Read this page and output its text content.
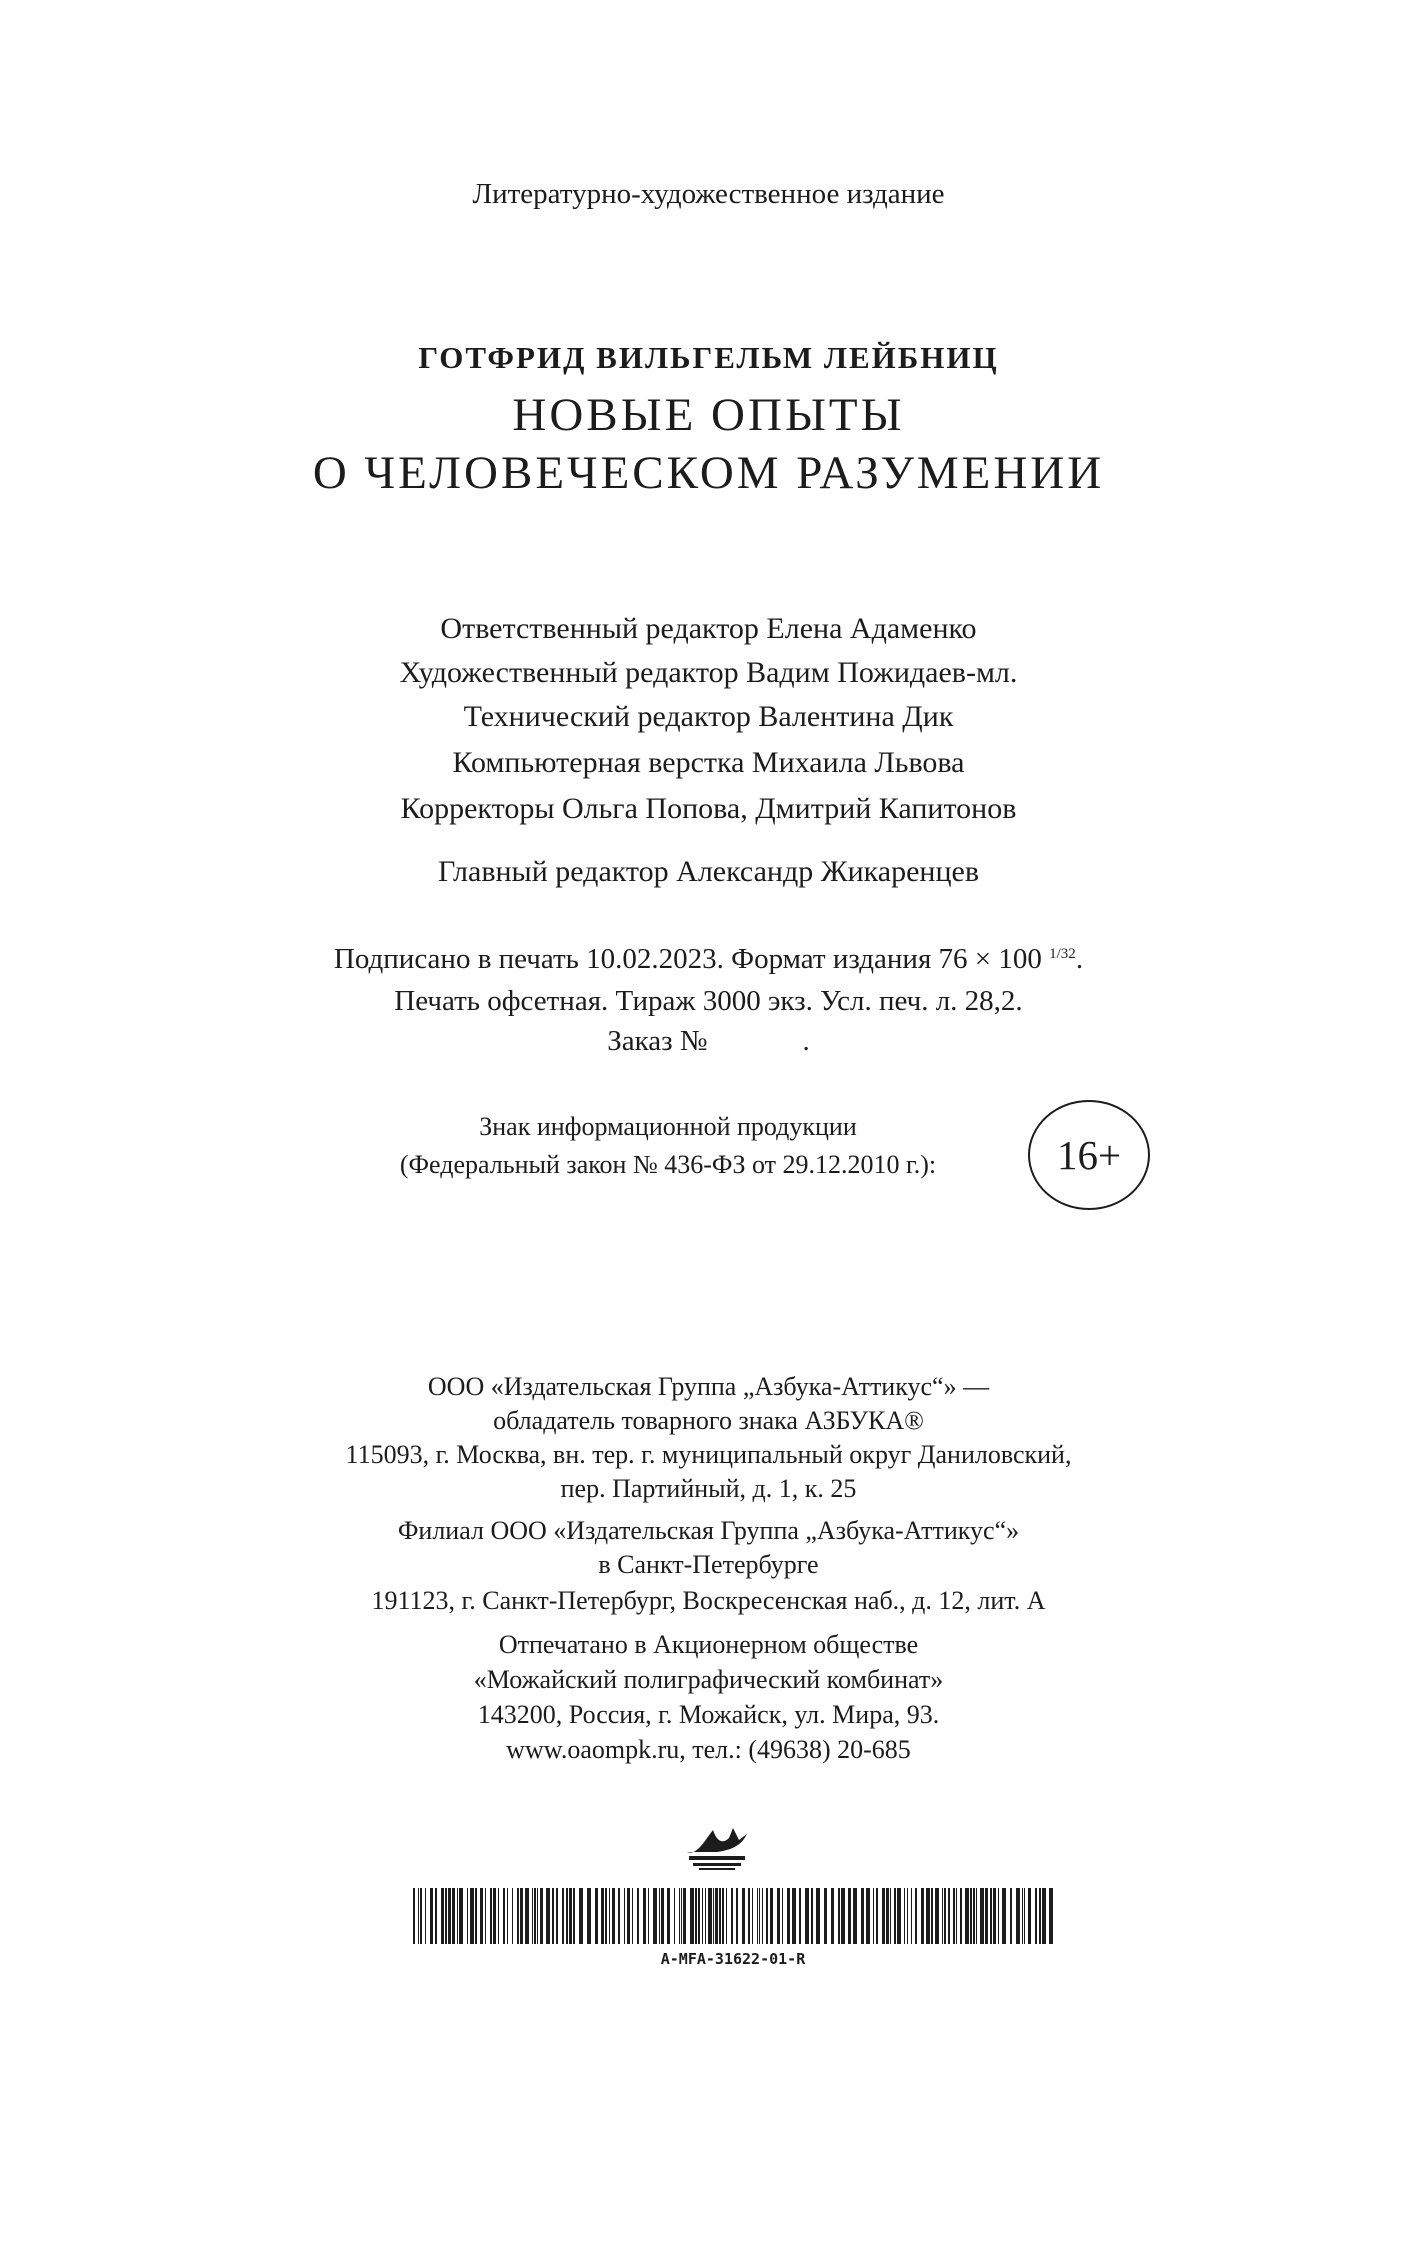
Литературно-художественное издание
ГОТФРИД ВИЛЬГЕЛЬМ ЛЕЙБНИЦ
НОВЫЕ ОПЫТЫ
О ЧЕЛОВЕЧЕСКОМ РАЗУМЕНИИ
Ответственный редактор Елена Адаменко
Художественный редактор Вадим Пожидаев-мл.
Технический редактор Валентина Дик
Компьютерная верстка Михаила Львова
Корректоры Ольга Попова, Дмитрий Капитонов
Главный редактор Александр Жикаренцев
Подписано в печать 10.02.2023. Формат издания 76 × 100 $^{1/32}$.
Печать офсетная. Тираж 3000 экз. Усл. печ. л. 28,2.
Заказ №	.
Знак информационной продукции
(Федеральный закон № 436-ФЗ от 29.12.2010 г.):	16+
ООО «Издательская Группа „Азбука-Аттикус“» —
обладатель товарного знака АЗБУКА®
115093, г. Москва, вн. тер. г. муниципальный округ Даниловский,
пер. Партийный, д. 1, к. 25
Филиал ООО «Издательская Группа „Азбука-Аттикус“»
в Санкт-Петербурге
191123, г. Санкт-Петербург, Воскресенская наб., д. 12, лит. А
Отпечатано в Акционерном обществе
«Можайский полиграфический комбинат»
143200, Россия, г. Можайск, ул. Мира, 93.
www.oaompk.ru, тел.: (49638) 20-685
A-MFA-31622-01-R
